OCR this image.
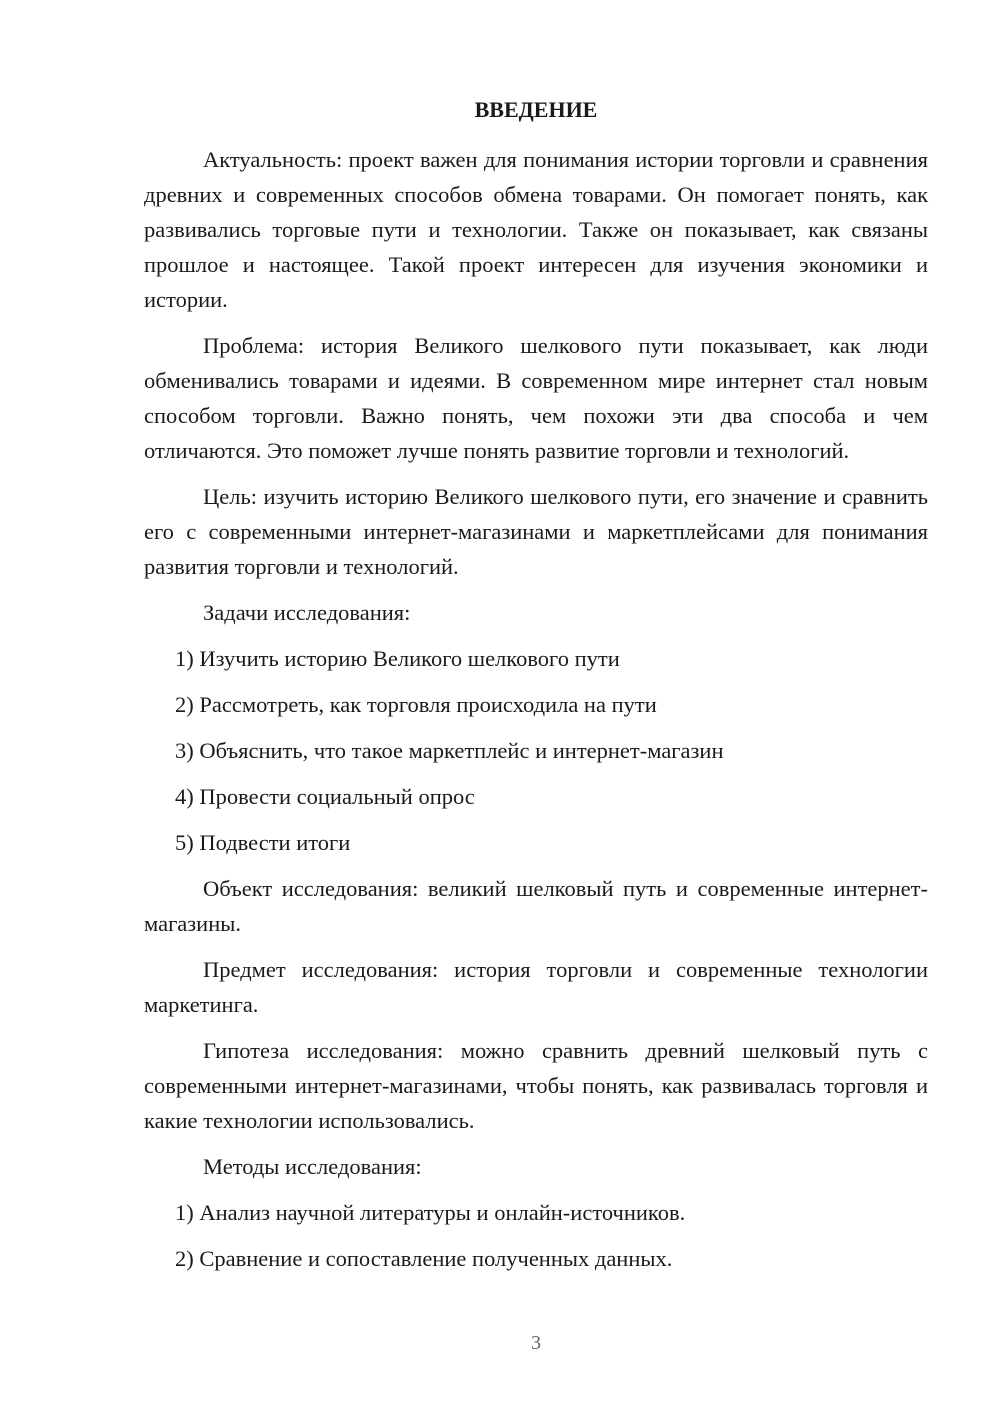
ВВЕДЕНИЕ

Актуальность: проект важен для понимания истории торговли и сравнения древних и современных способов обмена товарами. Он помогает понять, как развивались торговые пути и технологии. Также он показывает, как связаны прошлое и настоящее. Такой проект интересен для изучения экономики и истории.

Проблема: история Великого шелкового пути показывает, как люди обменивались товарами и идеями. В современном мире интернет стал новым способом торговли. Важно понять, чем похожи эти два способа и чем отличаются. Это поможет лучше понять развитие торговли и технологий.

Цель: изучить историю Великого шелкового пути, его значение и сравнить его с современными интернет-магазинами и маркетплейсами для понимания развития торговли и технологий.

Задачи исследования:

1) Изучить историю Великого шелкового пути

2) Рассмотреть, как торговля происходила на пути

3) Объяснить, что такое маркетплейс и интернет-магазин

4) Провести социальный опрос

5) Подвести итоги

Объект исследования: великий шелковый путь и современные интернет-магазины.

Предмет исследования: история торговли и современные технологии маркетинга.

Гипотеза исследования: можно сравнить древний шелковый путь с современными интернет-магазинами, чтобы понять, как развивалась торговля и какие технологии использовались.

Методы исследования:

1) Анализ научной литературы и онлайн-источников.

2) Сравнение и сопоставление полученных данных.

3
